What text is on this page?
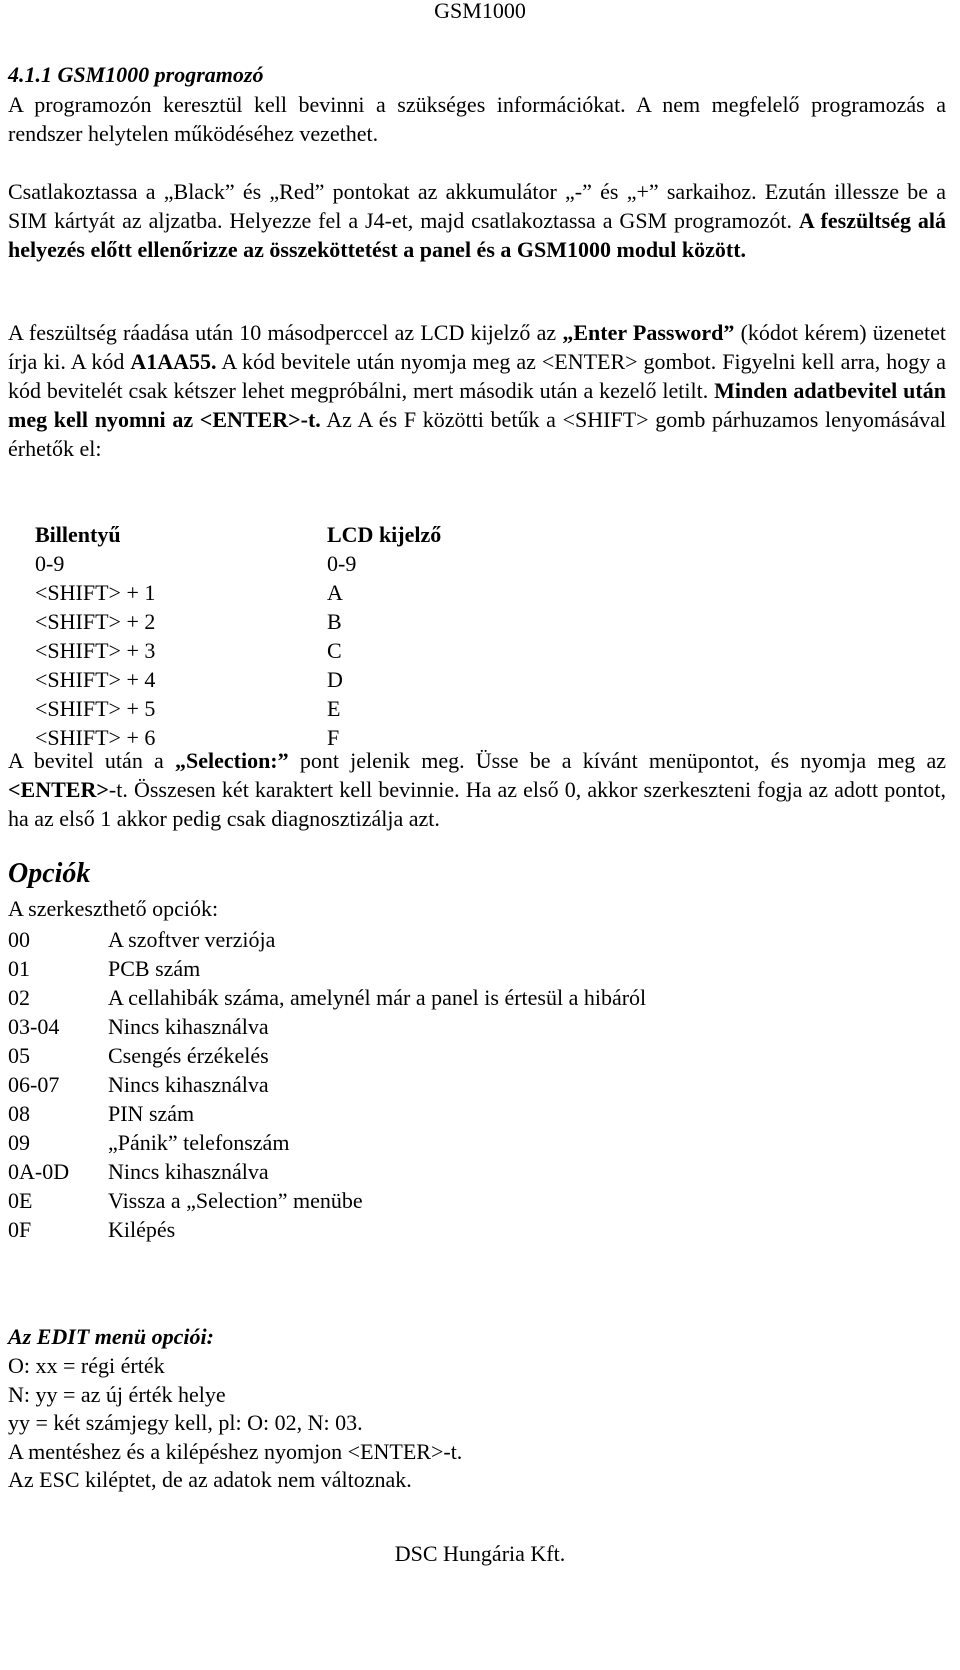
GSM1000
4.1.1 GSM1000 programozó

A programozón keresztül kell bevinni a szükséges információkat. A nem megfelelő programozás a rendszer helytelen működéséhez vezethet.

Csatlakoztassa a „Black” és „Red” pontokat az akkumulátor „-” és „+” sarkaihoz. Ezután illessze be a SIM kártyát az aljzatba. Helyezze fel a J4-et, majd csatlakoztassa a GSM programozót. A feszültség alá helyezés előtt ellenőrizze az összeköttetést a panel és a GSM1000 modul között.

A feszültség ráadása után 10 másodperccel az LCD kijelző az „Enter Password” (kódot kérem) üzenetet írja ki. A kód A1AA55. A kód bevitele után nyomja meg az <ENTER> gombot. Figyelni kell arra, hogy a kód bevitelét csak kétszer lehet megpróbálni, mert második után a kezelő letilt. Minden adatbevitel után meg kell nyomni az <ENTER>-t. Az A és F közötti betűk a <SHIFT> gomb párhuzamos lenyomásával érhetők el:

Billentyű	LCD kijelző
0-9	0-9
<SHIFT> + 1	A
<SHIFT> + 2	B
<SHIFT> + 3	C
<SHIFT> + 4	D
<SHIFT> + 5	E
<SHIFT> + 6	F

A bevitel után a „Selection:” pont jelenik meg. Üsse be a kívánt menüpontot, és nyomja meg az <ENTER>-t. Összesen két karaktert kell bevinnie. Ha az első 0, akkor szerkeszteni fogja az adott pontot, ha az első 1 akkor pedig csak diagnosztizálja azt.

Opciók
A szerkeszthető opciók:
00	A szoftver verziója
01	PCB szám
02	A cellahibák száma, amelynél már a panel is értesül a hibáról
03-04 Nincs kihasználva
05	Csengés érzékelés
06-07 Nincs kihasználva
08	PIN szám
09	„Pánik” telefonszám
0A-0D Nincs kihasználva
0E	Vissza a „Selection” menübe
0F	Kilépés
Az EDIT menü opciói:
O: xx = régi érték
N: yy = az új érték helye
yy = két számjegy kell, pl: O: 02, N: 03.
A mentéshez és a kilépéshez nyomjon <ENTER>-t.
Az ESC kiléptet, de az adatok nem változnak.
DSC Hungária Kft.
